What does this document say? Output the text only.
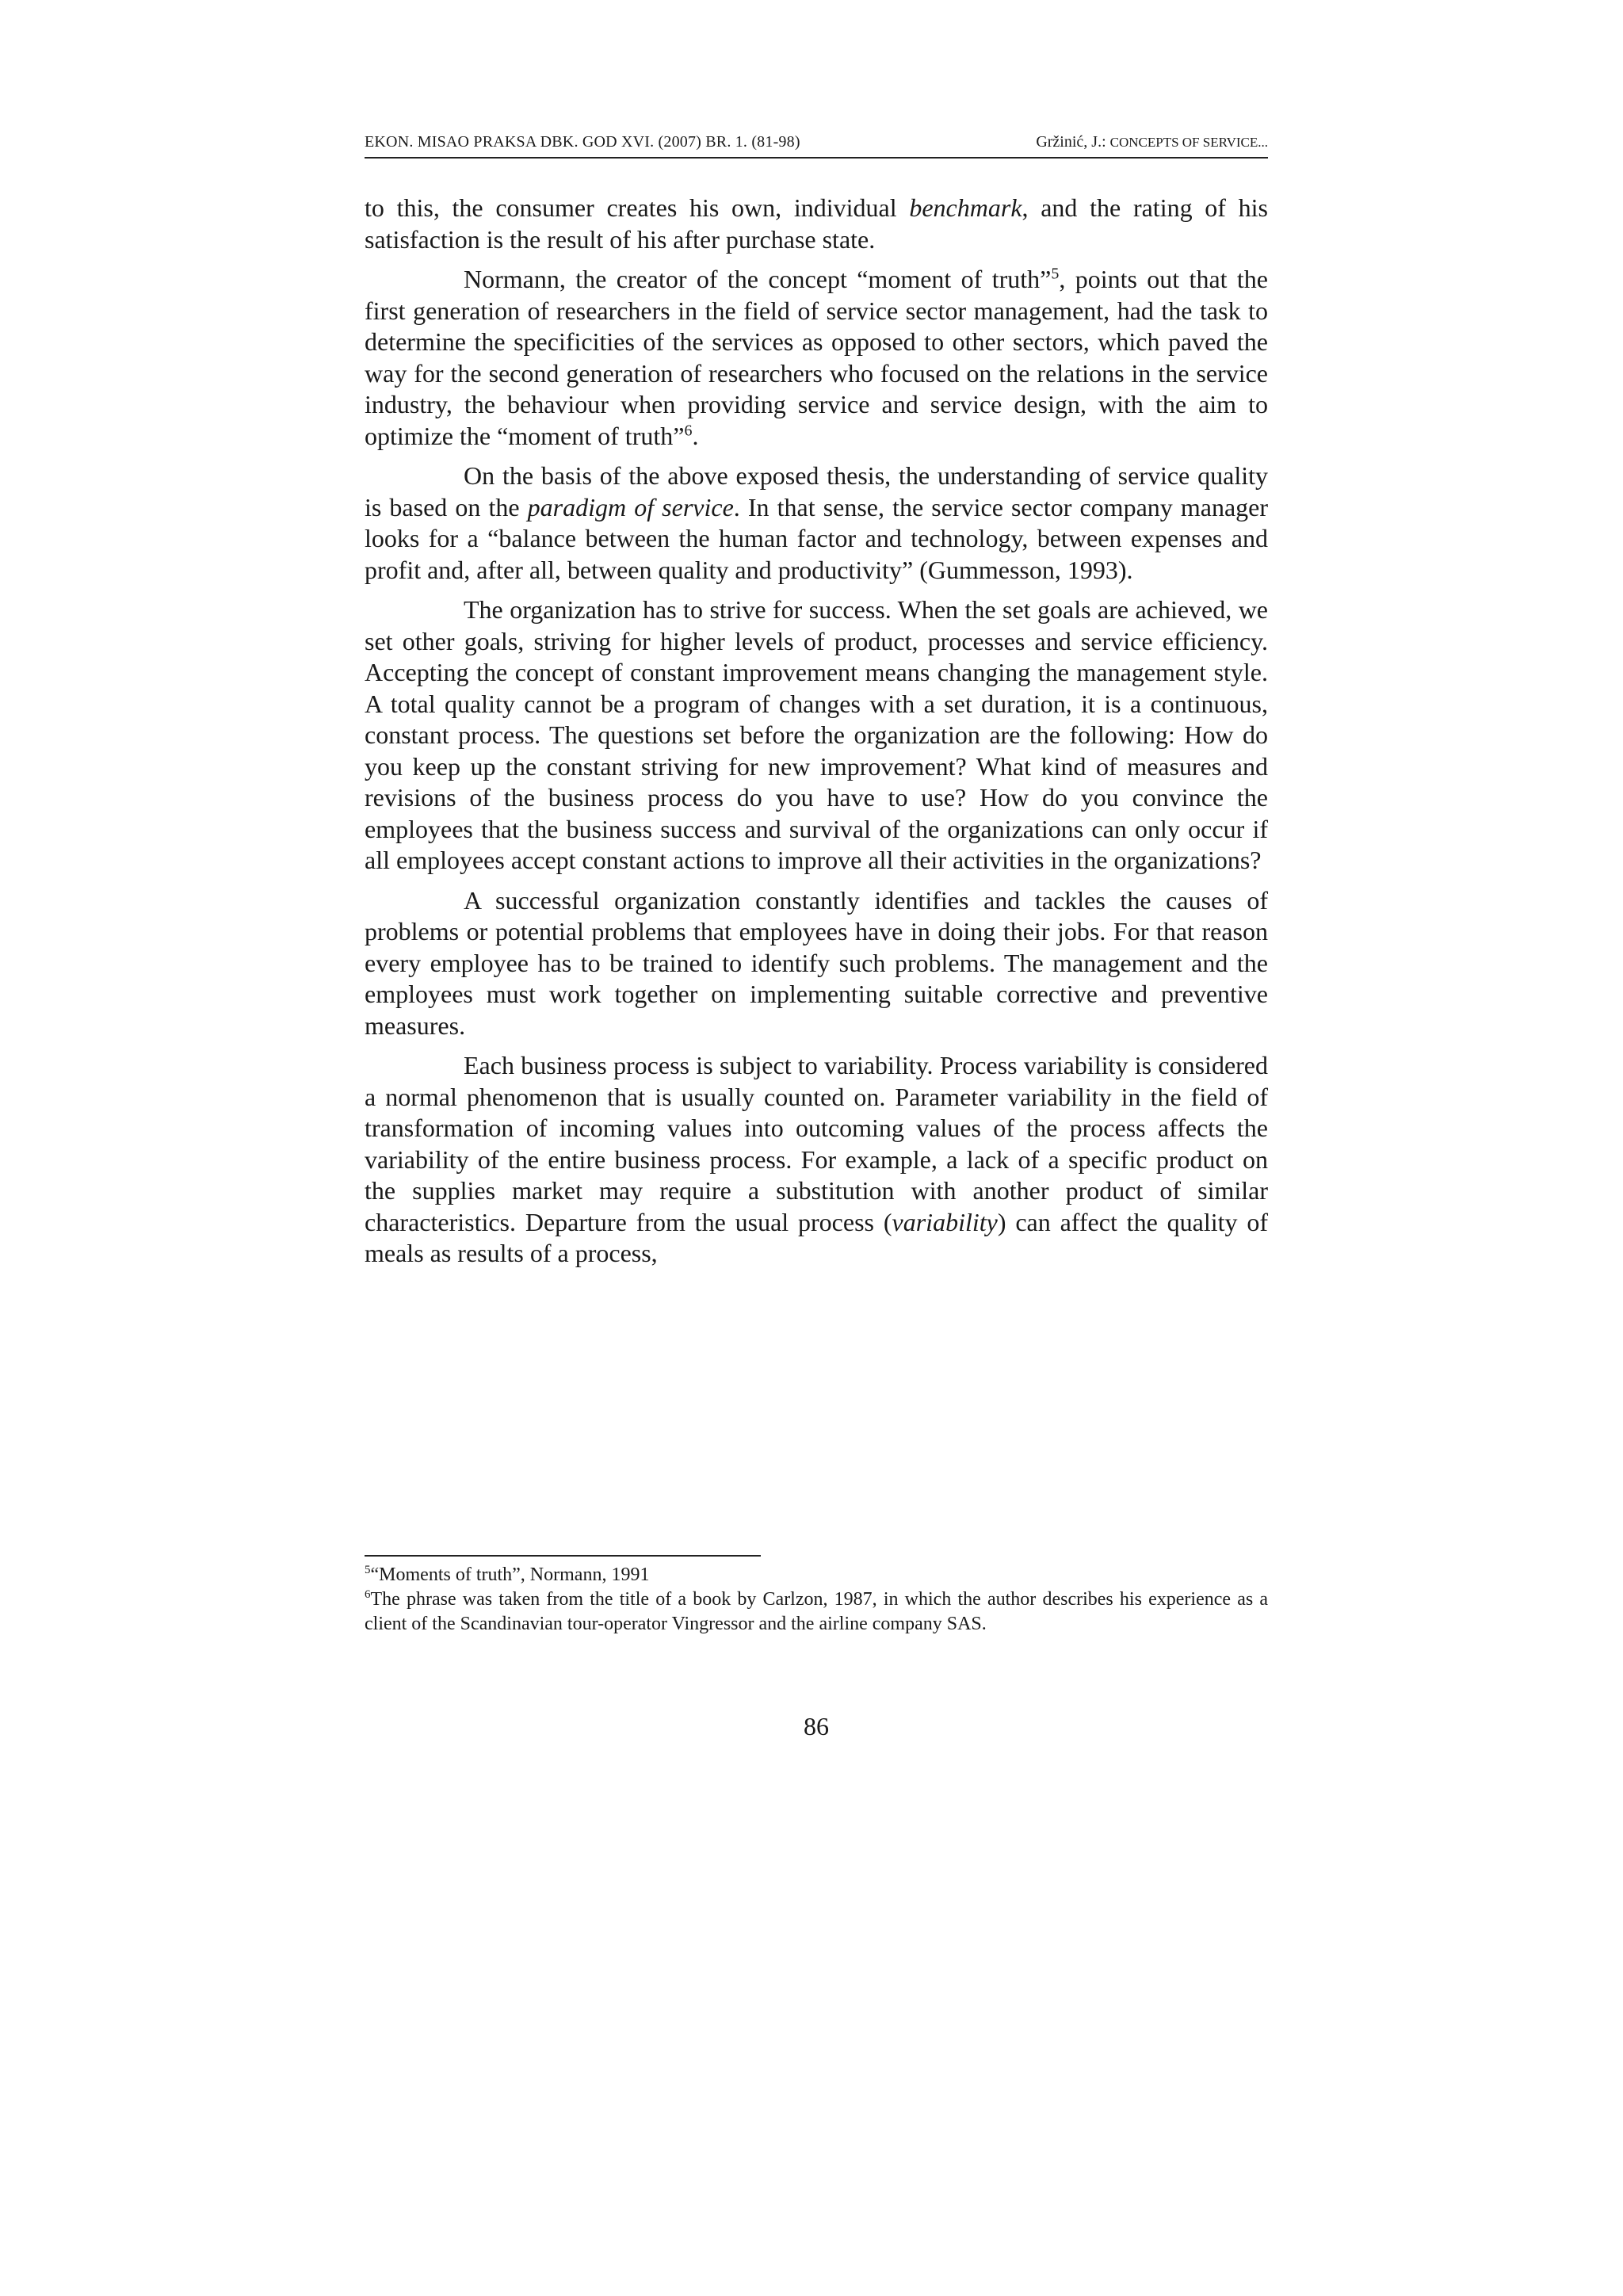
EKON. MISAO PRAKSA DBK. GOD XVI. (2007) BR. 1. (81-98)	Gržinić, J.: CONCEPTS OF SERVICE...

to this, the consumer creates his own, individual benchmark, and the rating of his satisfaction is the result of his after purchase state.

Normann, the creator of the concept “moment of truth”$^5$, points out that the first generation of researchers in the field of service sector management, had the task to determine the specificities of the services as opposed to other sectors, which paved the way for the second generation of researchers who focused on the relations in the service industry, the behaviour when providing service and service design, with the aim to optimize the “moment of truth”$^6$.

On the basis of the above exposed thesis, the understanding of service quality is based on the paradigm of service. In that sense, the service sector company manager looks for a “balance between the human factor and technology, between expenses and profit and, after all, between quality and productivity” (Gummesson, 1993).

The organization has to strive for success. When the set goals are achieved, we set other goals, striving for higher levels of product, processes and service efficiency. Accepting the concept of constant improvement means changing the management style. A total quality cannot be a program of changes with a set duration, it is a continuous, constant process. The questions set before the organization are the following: How do you keep up the constant striving for new improvement? What kind of measures and revisions of the business process do you have to use? How do you convince the employees that the business success and survival of the organizations can only occur if all employees accept constant actions to improve all their activities in the organizations?

A successful organization constantly identifies and tackles the causes of problems or potential problems that employees have in doing their jobs. For that reason every employee has to be trained to identify such problems. The management and the employees must work together on implementing suitable corrective and preventive measures.

Each business process is subject to variability. Process variability is considered a normal phenomenon that is usually counted on. Parameter variability in the field of transformation of incoming values into outcoming values of the process affects the variability of the entire business process. For example, a lack of a specific product on the supplies market may require a substitution with another product of similar characteristics. Departure from the usual process (variability) can affect the quality of meals as results of a process,

$^5$“Moments of truth”, Normann, 1991

$^6$The phrase was taken from the title of a book by Carlzon, 1987, in which the author describes his experience as a client of the Scandinavian tour-operator Vingressor and the airline company SAS.

86
